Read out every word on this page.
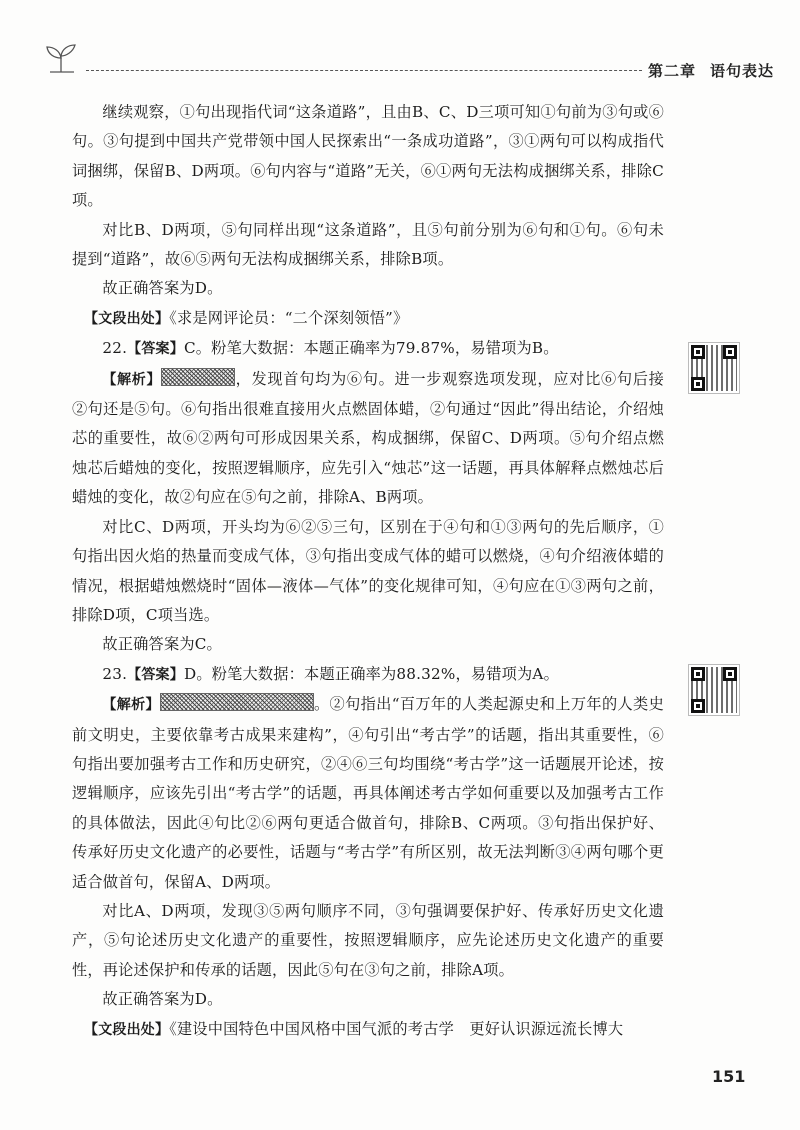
第二章 语句表达

继续观察，①句出现指代词“这条道路”，且由B、C、D三项可知①句前为③句或⑥句。③句提到中国共产党带领中国人民探索出“一条成功道路”，③①两句可以构成指代词捆绑，保留B、D两项。⑥句内容与“道路”无关，⑥①两句无法构成捆绑关系，排除C项。

对比B、D两项，⑤句同样出现“这条道路”，且⑤句前分别为⑥句和①句。⑥句未提到“道路”，故⑥⑤两句无法构成捆绑关系，排除B项。

故正确答案为D。

【文段出处】《求是网评论员：“二个深刻领悟”》

22.【答案】C。粉笔大数据：本题正确率为79.87%，易错项为B。

【解析】	，发现首句均为⑥句。进一步观察选项发现，应对比⑥句后接②句还是⑤句。⑥句指出很难直接用火点燃固体蜡，②句通过“因此”得出结论，介绍烛芯的重要性，故⑥②两句可形成因果关系，构成捆绑，保留C、D两项。⑤句介绍点燃烛芯后蜡烛的变化，按照逻辑顺序，应先引入“烛芯”这一话题，再具体解释点燃烛芯后蜡烛的变化，故②句应在⑤句之前，排除A、B两项。

对比C、D两项，开头均为⑥②⑤三句，区别在于④句和①③两句的先后顺序，①句指出因火焰的热量而变成气体，③句指出变成气体的蜡可以燃烧，④句介绍液体蜡的情况，根据蜡烛燃烧时“固体—液体—气体”的变化规律可知，④句应在①③两句之前，排除D项，C项当选。

故正确答案为C。

23.【答案】D。粉笔大数据：本题正确率为88.32%，易错项为A。

【解析】	。②句指出“百万年的人类起源史和上万年的人类史前文明史，主要依靠考古成果来建构”，④句引出“考古学”的话题，指出其重要性，⑥句指出要加强考古工作和历史研究，②④⑥三句均围绕“考古学”这一话题展开论述，按逻辑顺序，应该先引出“考古学”的话题，再具体阐述考古学如何重要以及加强考古工作的具体做法，因此④句比②⑥两句更适合做首句，排除B、C两项。③句指出保护好、传承好历史文化遗产的必要性，话题与“考古学”有所区别，故无法判断③④两句哪个更适合做首句，保留A、D两项。

对比A、D两项，发现③⑤两句顺序不同，③句强调要保护好、传承好历史文化遗产，⑤句论述历史文化遗产的重要性，按照逻辑顺序，应先论述历史文化遗产的重要性，再论述保护和传承的话题，因此⑤句在③句之前，排除A项。

故正确答案为D。

【文段出处】《建设中国特色中国风格中国气派的考古学　更好认识源远流长博大

151
